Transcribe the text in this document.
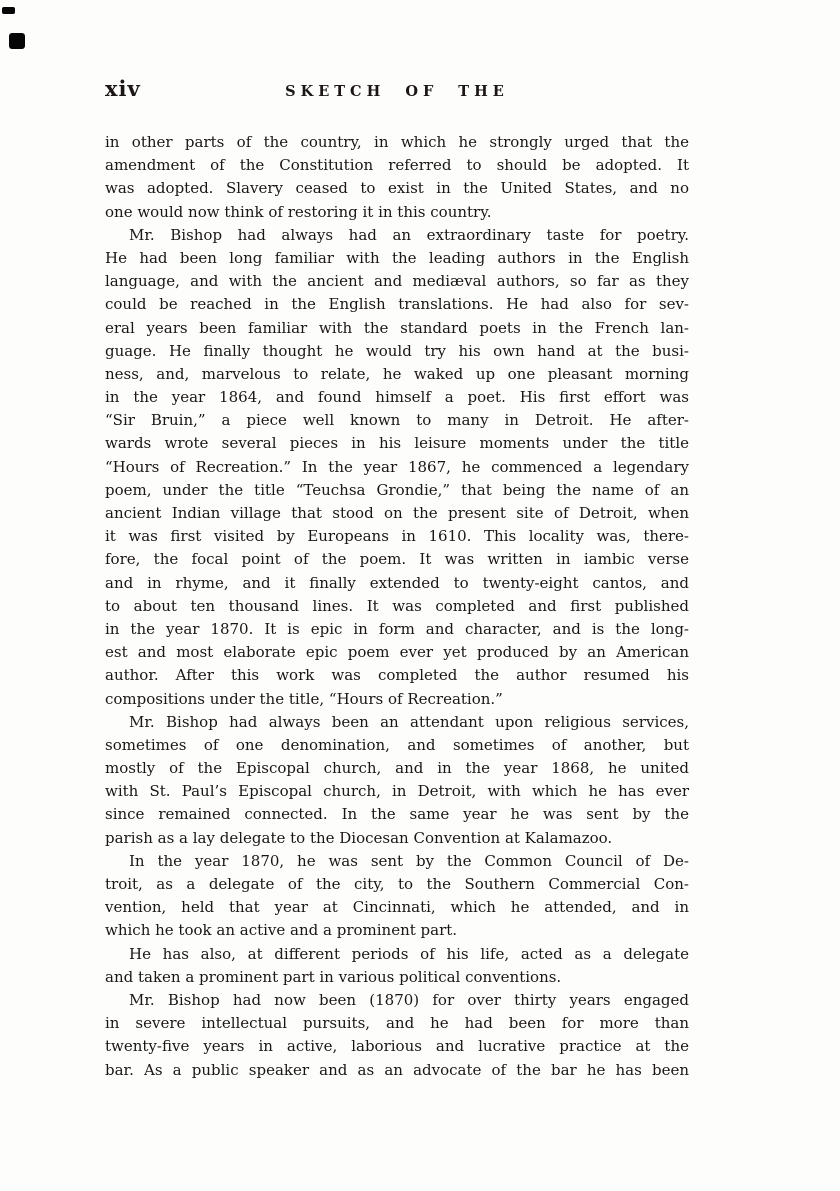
xiv	SKETCH OF THE
in other parts of the country, in which he strongly urged that the
amendment of the Constitution referred to should be adopted. It
was adopted. Slavery ceased to exist in the United States, and no
one would now think of restoring it in this country.
Mr. Bishop had always had an extraordinary taste for poetry.
He had been long familiar with the leading authors in the English
language, and with the ancient and mediæval authors, so far as they
could be reached in the English translations. He had also for sev-
eral years been familiar with the standard poets in the French lan-
guage. He finally thought he would try his own hand at the busi-
ness, and, marvelous to relate, he waked up one pleasant morning
in the year 1864, and found himself a poet. His first effort was
“Sir Bruin,” a piece well known to many in Detroit. He after-
wards wrote several pieces in his leisure moments under the title
“Hours of Recreation.” In the year 1867, he commenced a legendary
poem, under the title “Teuchsa Grondie,” that being the name of an
ancient Indian village that stood on the present site of Detroit, when
it was first visited by Europeans in 1610. This locality was, there-
fore, the focal point of the poem. It was written in iambic verse
and in rhyme, and it finally extended to twenty-eight cantos, and
to about ten thousand lines. It was completed and first published
in the year 1870. It is epic in form and character, and is the long-
est and most elaborate epic poem ever yet produced by an American
author. After this work was completed the author resumed his
compositions under the title, “Hours of Recreation.”
Mr. Bishop had always been an attendant upon religious services,
sometimes of one denomination, and sometimes of another, but
mostly of the Episcopal church, and in the year 1868, he united
with St. Paul’s Episcopal church, in Detroit, with which he has ever
since remained connected. In the same year he was sent by the
parish as a lay delegate to the Diocesan Convention at Kalamazoo.
In the year 1870, he was sent by the Common Council of De-
troit, as a delegate of the city, to the Southern Commercial Con-
vention, held that year at Cincinnati, which he attended, and in
which he took an active and a prominent part.
He has also, at different periods of his life, acted as a delegate
and taken a prominent part in various political conventions.
Mr. Bishop had now been (1870) for over thirty years engaged
in severe intellectual pursuits, and he had been for more than
twenty-five years in active, laborious and lucrative practice at the
bar. As a public speaker and as an advocate of the bar he has been
